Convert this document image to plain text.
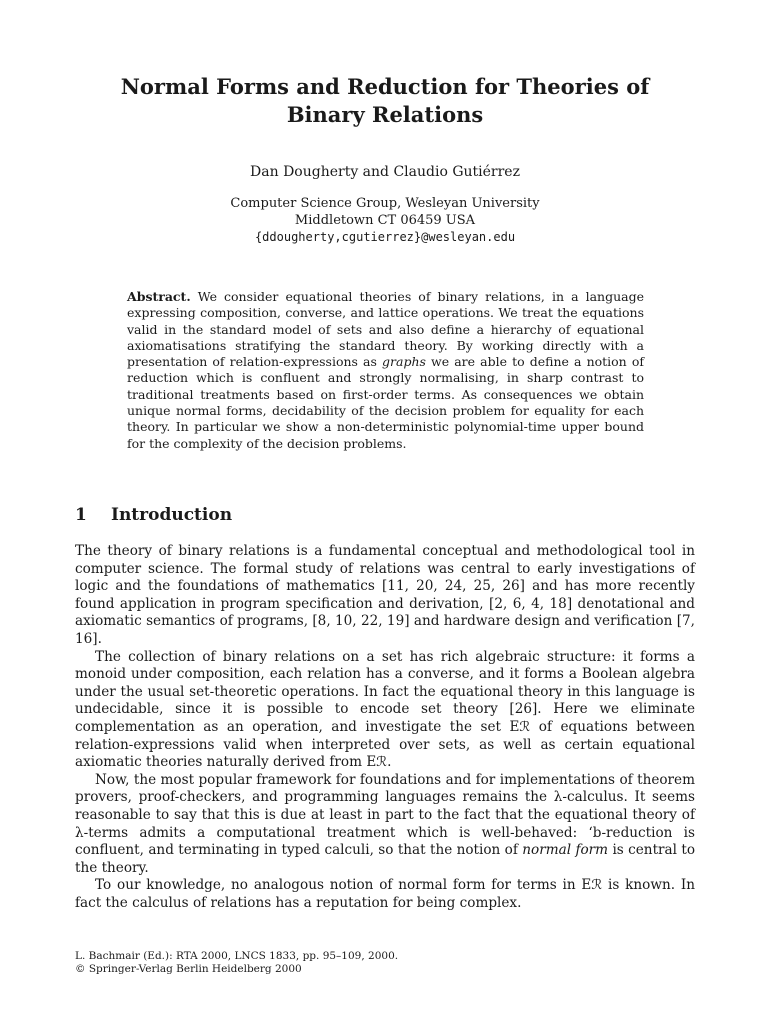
Normal Forms and Reduction for Theories of
Binary Relations
Dan Dougherty and Claudio Gutiérrez
Computer Science Group, Wesleyan University
Middletown CT 06459 USA
{ddougherty,cgutierrez}@wesleyan.edu
Abstract. We consider equational theories of binary relations, in a language expressing composition, converse, and lattice operations. We treat the equations valid in the standard model of sets and also define a hierarchy of equational axiomatisations stratifying the standard theory. By working directly with a presentation of relation-expressions as graphs we are able to define a notion of reduction which is confluent and strongly normalising, in sharp contrast to traditional treatments based on first-order terms. As consequences we obtain unique normal forms, decidability of the decision problem for equality for each theory. In particular we show a non-deterministic polynomial-time upper bound for the complexity of the decision problems.
1 Introduction

The theory of binary relations is a fundamental conceptual and methodological tool in computer science. The formal study of relations was central to early investigations of logic and the foundations of mathematics [11, 20, 24, 25, 26] and has more recently found application in program specification and derivation, [2, 6, 4, 18] denotational and axiomatic semantics of programs, [8, 10, 22, 19] and hardware design and verification [7, 16].

The collection of binary relations on a set has rich algebraic structure: it forms a monoid under composition, each relation has a converse, and it forms a Boolean algebra under the usual set-theoretic operations. In fact the equational theory in this language is undecidable, since it is possible to encode set theory [26]. Here we eliminate complementation as an operation, and investigate the set Eℛ of equations between relation-expressions valid when interpreted over sets, as well as certain equational axiomatic theories naturally derived from Eℛ.

Now, the most popular framework for foundations and for implementations of theorem provers, proof-checkers, and programming languages remains the λ-calculus. It seems reasonable to say that this is due at least in part to the fact that the equational theory of λ-terms admits a computational treatment which is well-behaved: ‘b-reduction is confluent, and terminating in typed calculi, so that the notion of normal form is central to the theory.

To our knowledge, no analogous notion of normal form for terms in Eℛ is known. In fact the calculus of relations has a reputation for being complex.

L. Bachmair (Ed.): RTA 2000, LNCS 1833, pp. 95–109, 2000.
© Springer-Verlag Berlin Heidelberg 2000
